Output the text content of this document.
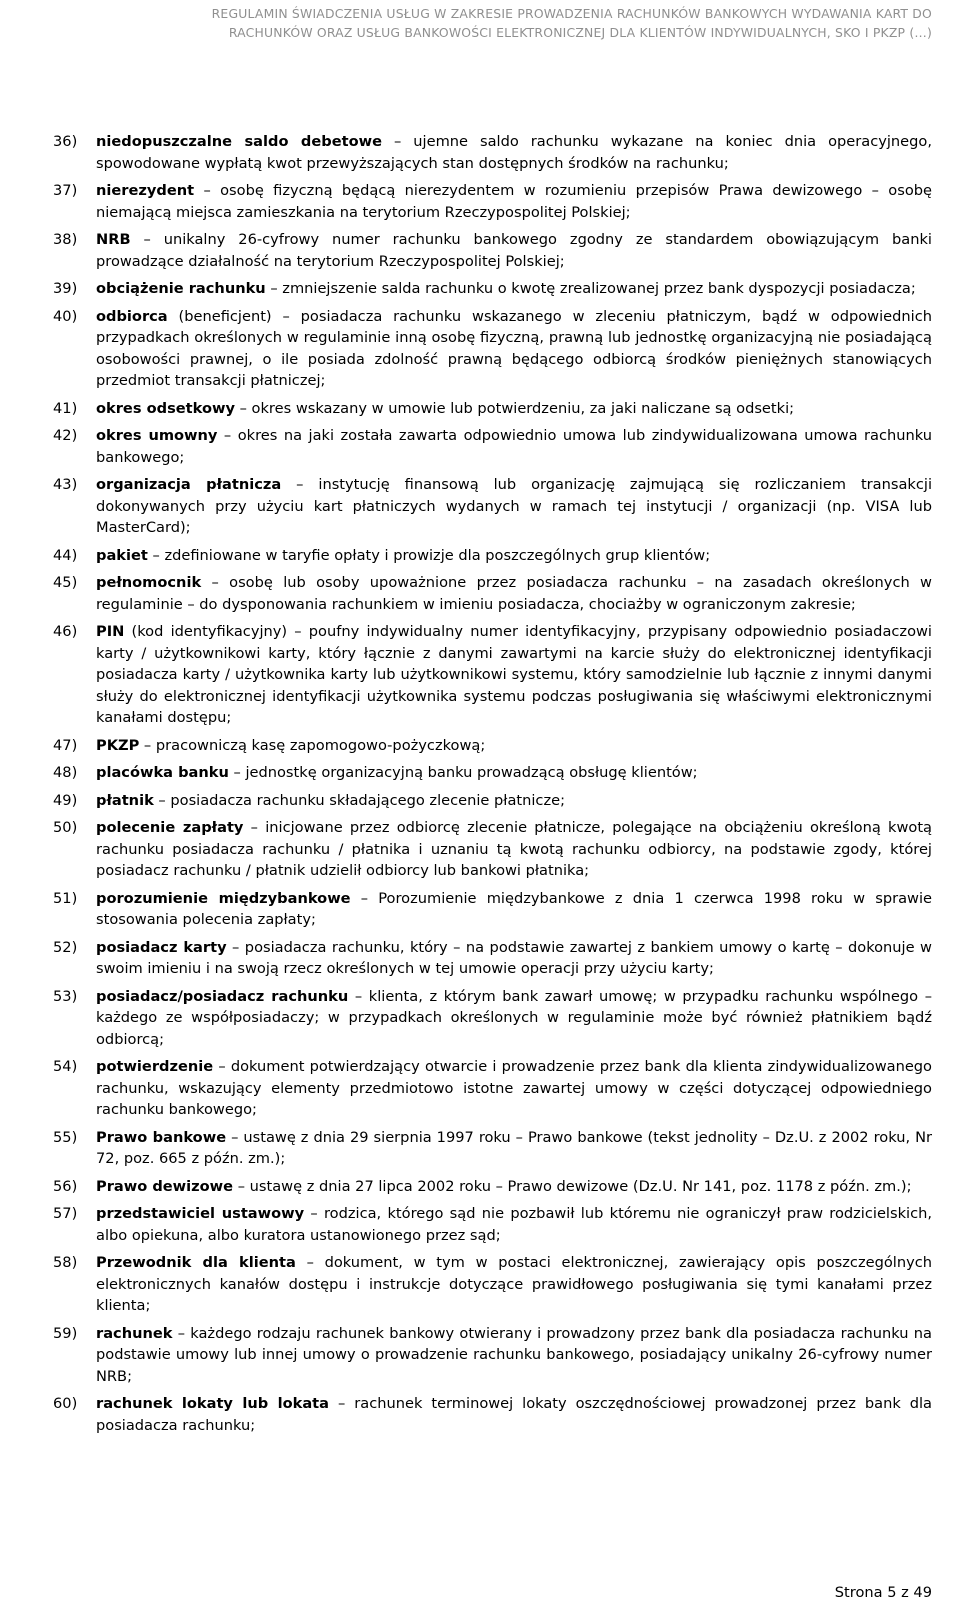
REGULAMIN ŚWIADCZENIA USŁUG W ZAKRESIE PROWADZENIA RACHUNKÓW BANKOWYCH WYDAWANIA KART DO
RACHUNKÓW ORAZ USŁUG BANKOWOŚCI ELEKTRONICZNEJ DLA KLIENTÓW INDYWIDUALNYCH, SKO I PKZP (…)
36) niedopuszczalne saldo debetowe – ujemne saldo rachunku wykazane na koniec dnia operacyjnego, spowodowane wypłatą kwot przewyższających stan dostępnych środków na rachunku;
37) nierezydent – osobę fizyczną będącą nierezydentem w rozumieniu przepisów Prawa dewizowego – osobę niemającą miejsca zamieszkania na terytorium Rzeczypospolitej Polskiej;
38) NRB – unikalny 26-cyfrowy numer rachunku bankowego zgodny ze standardem obowiązującym banki prowadzące działalność na terytorium Rzeczypospolitej Polskiej;
39) obciążenie rachunku – zmniejszenie salda rachunku o kwotę zrealizowanej przez bank dyspozycji posiadacza;
40) odbiorca (beneficjent) – posiadacza rachunku wskazanego w zleceniu płatniczym, bądź w odpowiednich przypadkach określonych w regulaminie inną osobę fizyczną, prawną lub jednostkę organizacyjną nie posiadającą osobowości prawnej, o ile posiada zdolność prawną będącego odbiorcą środków pieniężnych stanowiących przedmiot transakcji płatniczej;
41) okres odsetkowy – okres wskazany w umowie lub potwierdzeniu, za jaki naliczane są odsetki;
42) okres umowny – okres na jaki została zawarta odpowiednio umowa lub zindywidualizowana umowa rachunku bankowego;
43) organizacja płatnicza – instytucję finansową lub organizację zajmującą się rozliczaniem transakcji dokonywanych przy użyciu kart płatniczych wydanych w ramach tej instytucji / organizacji (np. VISA lub MasterCard);
44) pakiet – zdefiniowane w taryfie opłaty i prowizje dla poszczególnych grup klientów;
45) pełnomocnik – osobę lub osoby upoważnione przez posiadacza rachunku – na zasadach określonych w regulaminie – do dysponowania rachunkiem w imieniu posiadacza, chociażby w ograniczonym zakresie;
46) PIN (kod identyfikacyjny) – poufny indywidualny numer identyfikacyjny, przypisany odpowiednio posiadaczowi karty / użytkownikowi karty, który łącznie z danymi zawartymi na karcie służy do elektronicznej identyfikacji posiadacza karty / użytkownika karty lub użytkownikowi systemu, który samodzielnie lub łącznie z innymi danymi służy do elektronicznej identyfikacji użytkownika systemu podczas posługiwania się właściwymi elektronicznymi kanałami dostępu;
47) PKZP – pracowniczą kasę zapomogowo-pożyczkową;
48) placówka banku – jednostkę organizacyjną banku prowadzącą obsługę klientów;
49) płatnik – posiadacza rachunku składającego zlecenie płatnicze;
50) polecenie zapłaty – inicjowane przez odbiorcę zlecenie płatnicze, polegające na obciążeniu określoną kwotą rachunku posiadacza rachunku / płatnika i uznaniu tą kwotą rachunku odbiorcy, na podstawie zgody, której posiadacz rachunku / płatnik udzielił odbiorcy lub bankowi płatnika;
51) porozumienie międzybankowe – Porozumienie międzybankowe z dnia 1 czerwca 1998 roku w sprawie stosowania polecenia zapłaty;
52) posiadacz karty – posiadacza rachunku, który – na podstawie zawartej z bankiem umowy o kartę – dokonuje w swoim imieniu i na swoją rzecz określonych w tej umowie operacji przy użyciu karty;
53) posiadacz/posiadacz rachunku – klienta, z którym bank zawarł umowę; w przypadku rachunku wspólnego – każdego ze współposiadaczy; w przypadkach określonych w regulaminie może być również płatnikiem bądź odbiorcą;
54) potwierdzenie – dokument potwierdzający otwarcie i prowadzenie przez bank dla klienta zindywidualizowanego rachunku, wskazujący elementy przedmiotowo istotne zawartej umowy w części dotyczącej odpowiedniego rachunku bankowego;
55) Prawo bankowe – ustawę z dnia 29 sierpnia 1997 roku – Prawo bankowe (tekst jednolity – Dz.U. z 2002 roku, Nr 72, poz. 665 z późn. zm.);
56) Prawo dewizowe – ustawę z dnia 27 lipca 2002 roku – Prawo dewizowe (Dz.U. Nr 141, poz. 1178 z późn. zm.);
57) przedstawiciel ustawowy – rodzica, którego sąd nie pozbawił lub któremu nie ograniczył praw rodzicielskich, albo opiekuna, albo kuratora ustanowionego przez sąd;
58) Przewodnik dla klienta – dokument, w tym w postaci elektronicznej, zawierający opis poszczególnych elektronicznych kanałów dostępu i instrukcje dotyczące prawidłowego posługiwania się tymi kanałami przez klienta;
59) rachunek – każdego rodzaju rachunek bankowy otwierany i prowadzony przez bank dla posiadacza rachunku na podstawie umowy lub innej umowy o prowadzenie rachunku bankowego, posiadający unikalny 26-cyfrowy numer NRB;
60) rachunek lokaty lub lokata – rachunek terminowej lokaty oszczędnościowej prowadzonej przez bank dla posiadacza rachunku;
Strona 5 z 49
